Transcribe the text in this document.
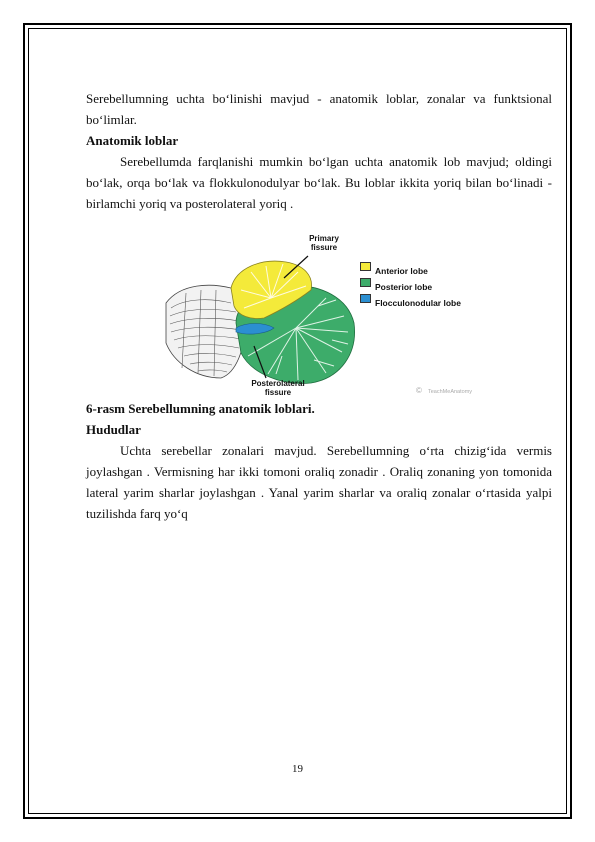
Serebellumning uchta bo‘linishi mavjud - anatomik loblar, zonalar va funktsional bo‘limlar.

Anatomik loblar

Serebellumda farqlanishi mumkin bo‘lgan uchta anatomik lob mavjud; oldingi bo‘lak, orqa bo‘lak va flokkulonodulyar bo‘lak. Bu loblar ikkita yoriq bilan bo‘linadi - birlamchi yoriq va posterolateral yoriq .

Primary fissure
Posterolateral fissure
Anterior lobe
Posterior lobe
Flocculonodular lobe
© TeachMeAnatomy

6-rasm Serebellumning anatomik loblari.

Hududlar

Uchta serebellar zonalari mavjud. Serebellumning o‘rta chizig‘ida vermis joylashgan . Vermisning har ikki tomoni oraliq zonadir . Oraliq zonaning yon tomonida lateral yarim sharlar joylashgan . Yanal yarim sharlar va oraliq zonalar o‘rtasida yalpi tuzilishda farq yo‘q

19
